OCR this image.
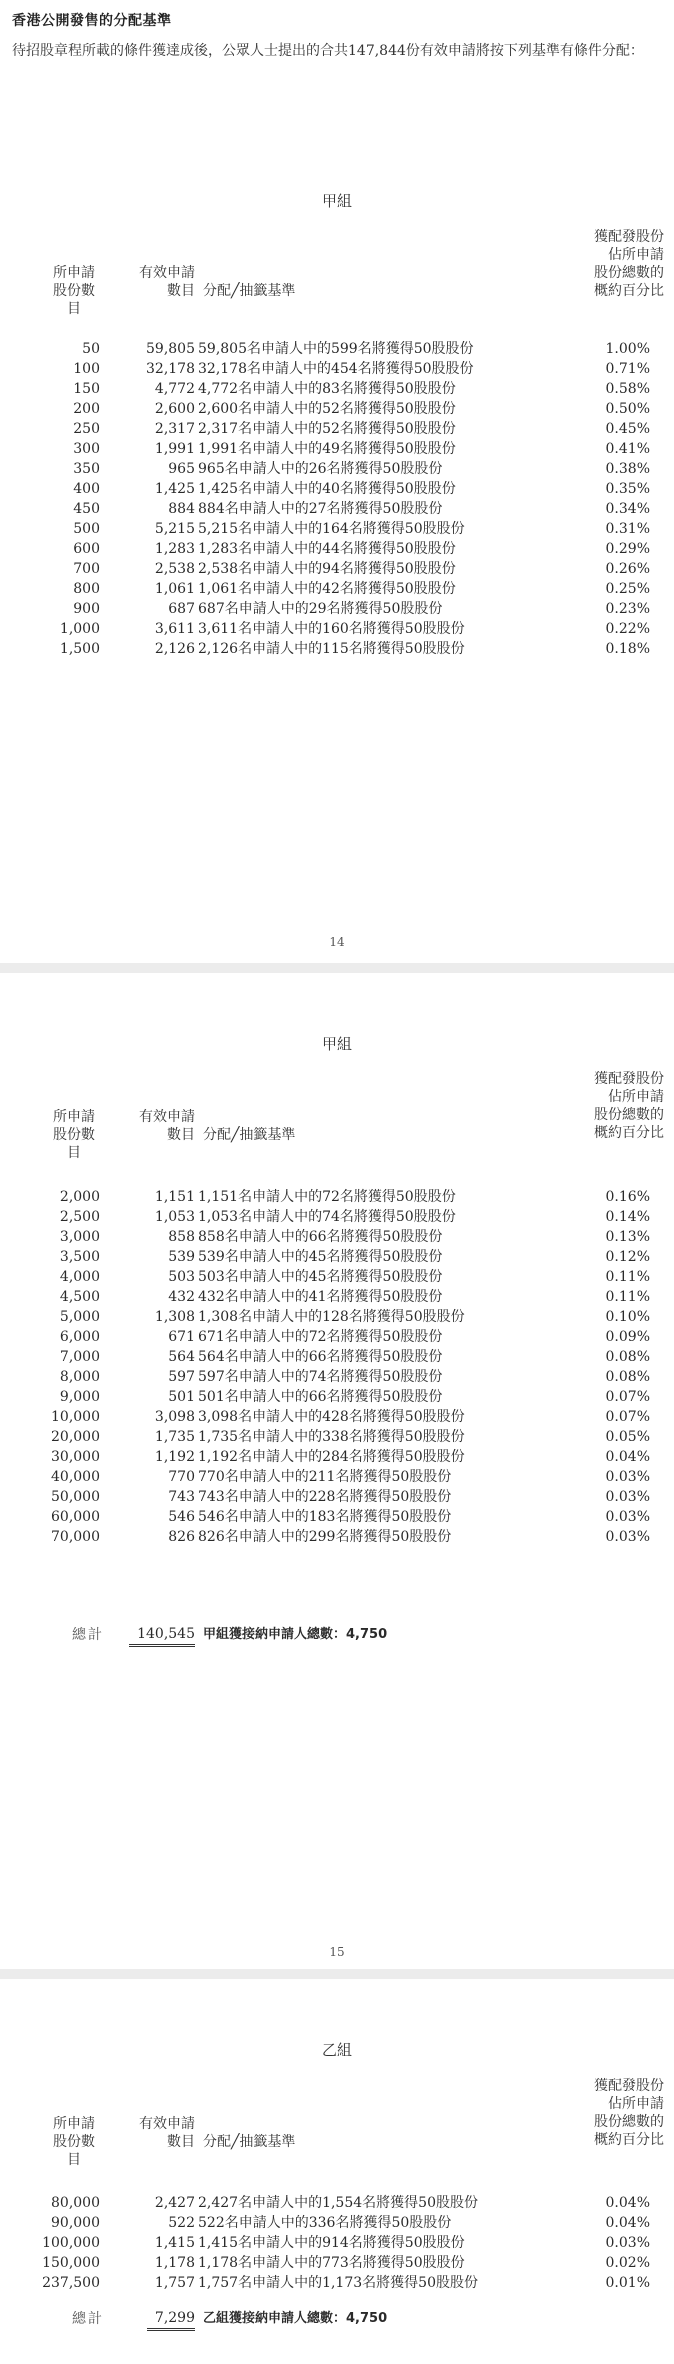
香港公開發售的分配基準
待招股章程所載的條件獲達成後，公眾人士提出的合共147,844份有效申請將按下列基準有條件分配：
甲組
獲配發股份
佔所申請
股份總數的
概約百分比
所申請
股份數目
有效申請
數目 分配╱抽籤基準
50	59,805 59,805名申請人中的599名將獲得50股股份	1.00%
100	32,178 32,178名申請人中的454名將獲得50股股份	0.71%
150	4,772 4,772名申請人中的83名將獲得50股股份	0.58%
200	2,600 2,600名申請人中的52名將獲得50股股份	0.50%
250	2,317 2,317名申請人中的52名將獲得50股股份	0.45%
300	1,991 1,991名申請人中的49名將獲得50股股份	0.41%
350	965 965名申請人中的26名將獲得50股股份	0.38%
400	1,425 1,425名申請人中的40名將獲得50股股份	0.35%
450	884 884名申請人中的27名將獲得50股股份	0.34%
500	5,215 5,215名申請人中的164名將獲得50股股份	0.31%
600	1,283 1,283名申請人中的44名將獲得50股股份	0.29%
700	2,538 2,538名申請人中的94名將獲得50股股份	0.26%
800	1,061 1,061名申請人中的42名將獲得50股股份	0.25%
900	687 687名申請人中的29名將獲得50股股份	0.23%
1,000	3,611 3,611名申請人中的160名將獲得50股股份	0.22%
1,500	2,126 2,126名申請人中的115名將獲得50股股份	0.18%
14
甲組
獲配發股份
佔所申請
股份總數的
概約百分比
所申請
股份數目
有效申請
數目 分配╱抽籤基準
2,000	1,151 1,151名申請人中的72名將獲得50股股份	0.16%
2,500	1,053 1,053名申請人中的74名將獲得50股股份	0.14%
3,000	858 858名申請人中的66名將獲得50股股份	0.13%
3,500	539 539名申請人中的45名將獲得50股股份	0.12%
4,000	503 503名申請人中的45名將獲得50股股份	0.11%
4,500	432 432名申請人中的41名將獲得50股股份	0.11%
5,000	1,308 1,308名申請人中的128名將獲得50股股份	0.10%
6,000	671 671名申請人中的72名將獲得50股股份	0.09%
7,000	564 564名申請人中的66名將獲得50股股份	0.08%
8,000	597 597名申請人中的74名將獲得50股股份	0.08%
9,000	501 501名申請人中的66名將獲得50股股份	0.07%
10,000	3,098 3,098名申請人中的428名將獲得50股股份	0.07%
20,000	1,735 1,735名申請人中的338名將獲得50股股份	0.05%
30,000	1,192 1,192名申請人中的284名將獲得50股股份	0.04%
40,000	770 770名申請人中的211名將獲得50股股份	0.03%
50,000	743 743名申請人中的228名將獲得50股股份	0.03%
60,000	546 546名申請人中的183名將獲得50股股份	0.03%
70,000	826 826名申請人中的299名將獲得50股股份	0.03%
總計	140,545 甲組獲接納申請人總數：4,750
15
乙組
獲配發股份
佔所申請
股份總數的
概約百分比
所申請
股份數目
有效申請
數目 分配╱抽籤基準
80,000	2,427 2,427名申請人中的1,554名將獲得50股股份	0.04%
90,000	522 522名申請人中的336名將獲得50股股份	0.04%
100,000	1,415 1,415名申請人中的914名將獲得50股股份	0.03%
150,000	1,178 1,178名申請人中的773名將獲得50股股份	0.02%
237,500	1,757 1,757名申請人中的1,173名將獲得50股股份	0.01%
總計	7,299 乙組獲接納申請人總數：4,750
